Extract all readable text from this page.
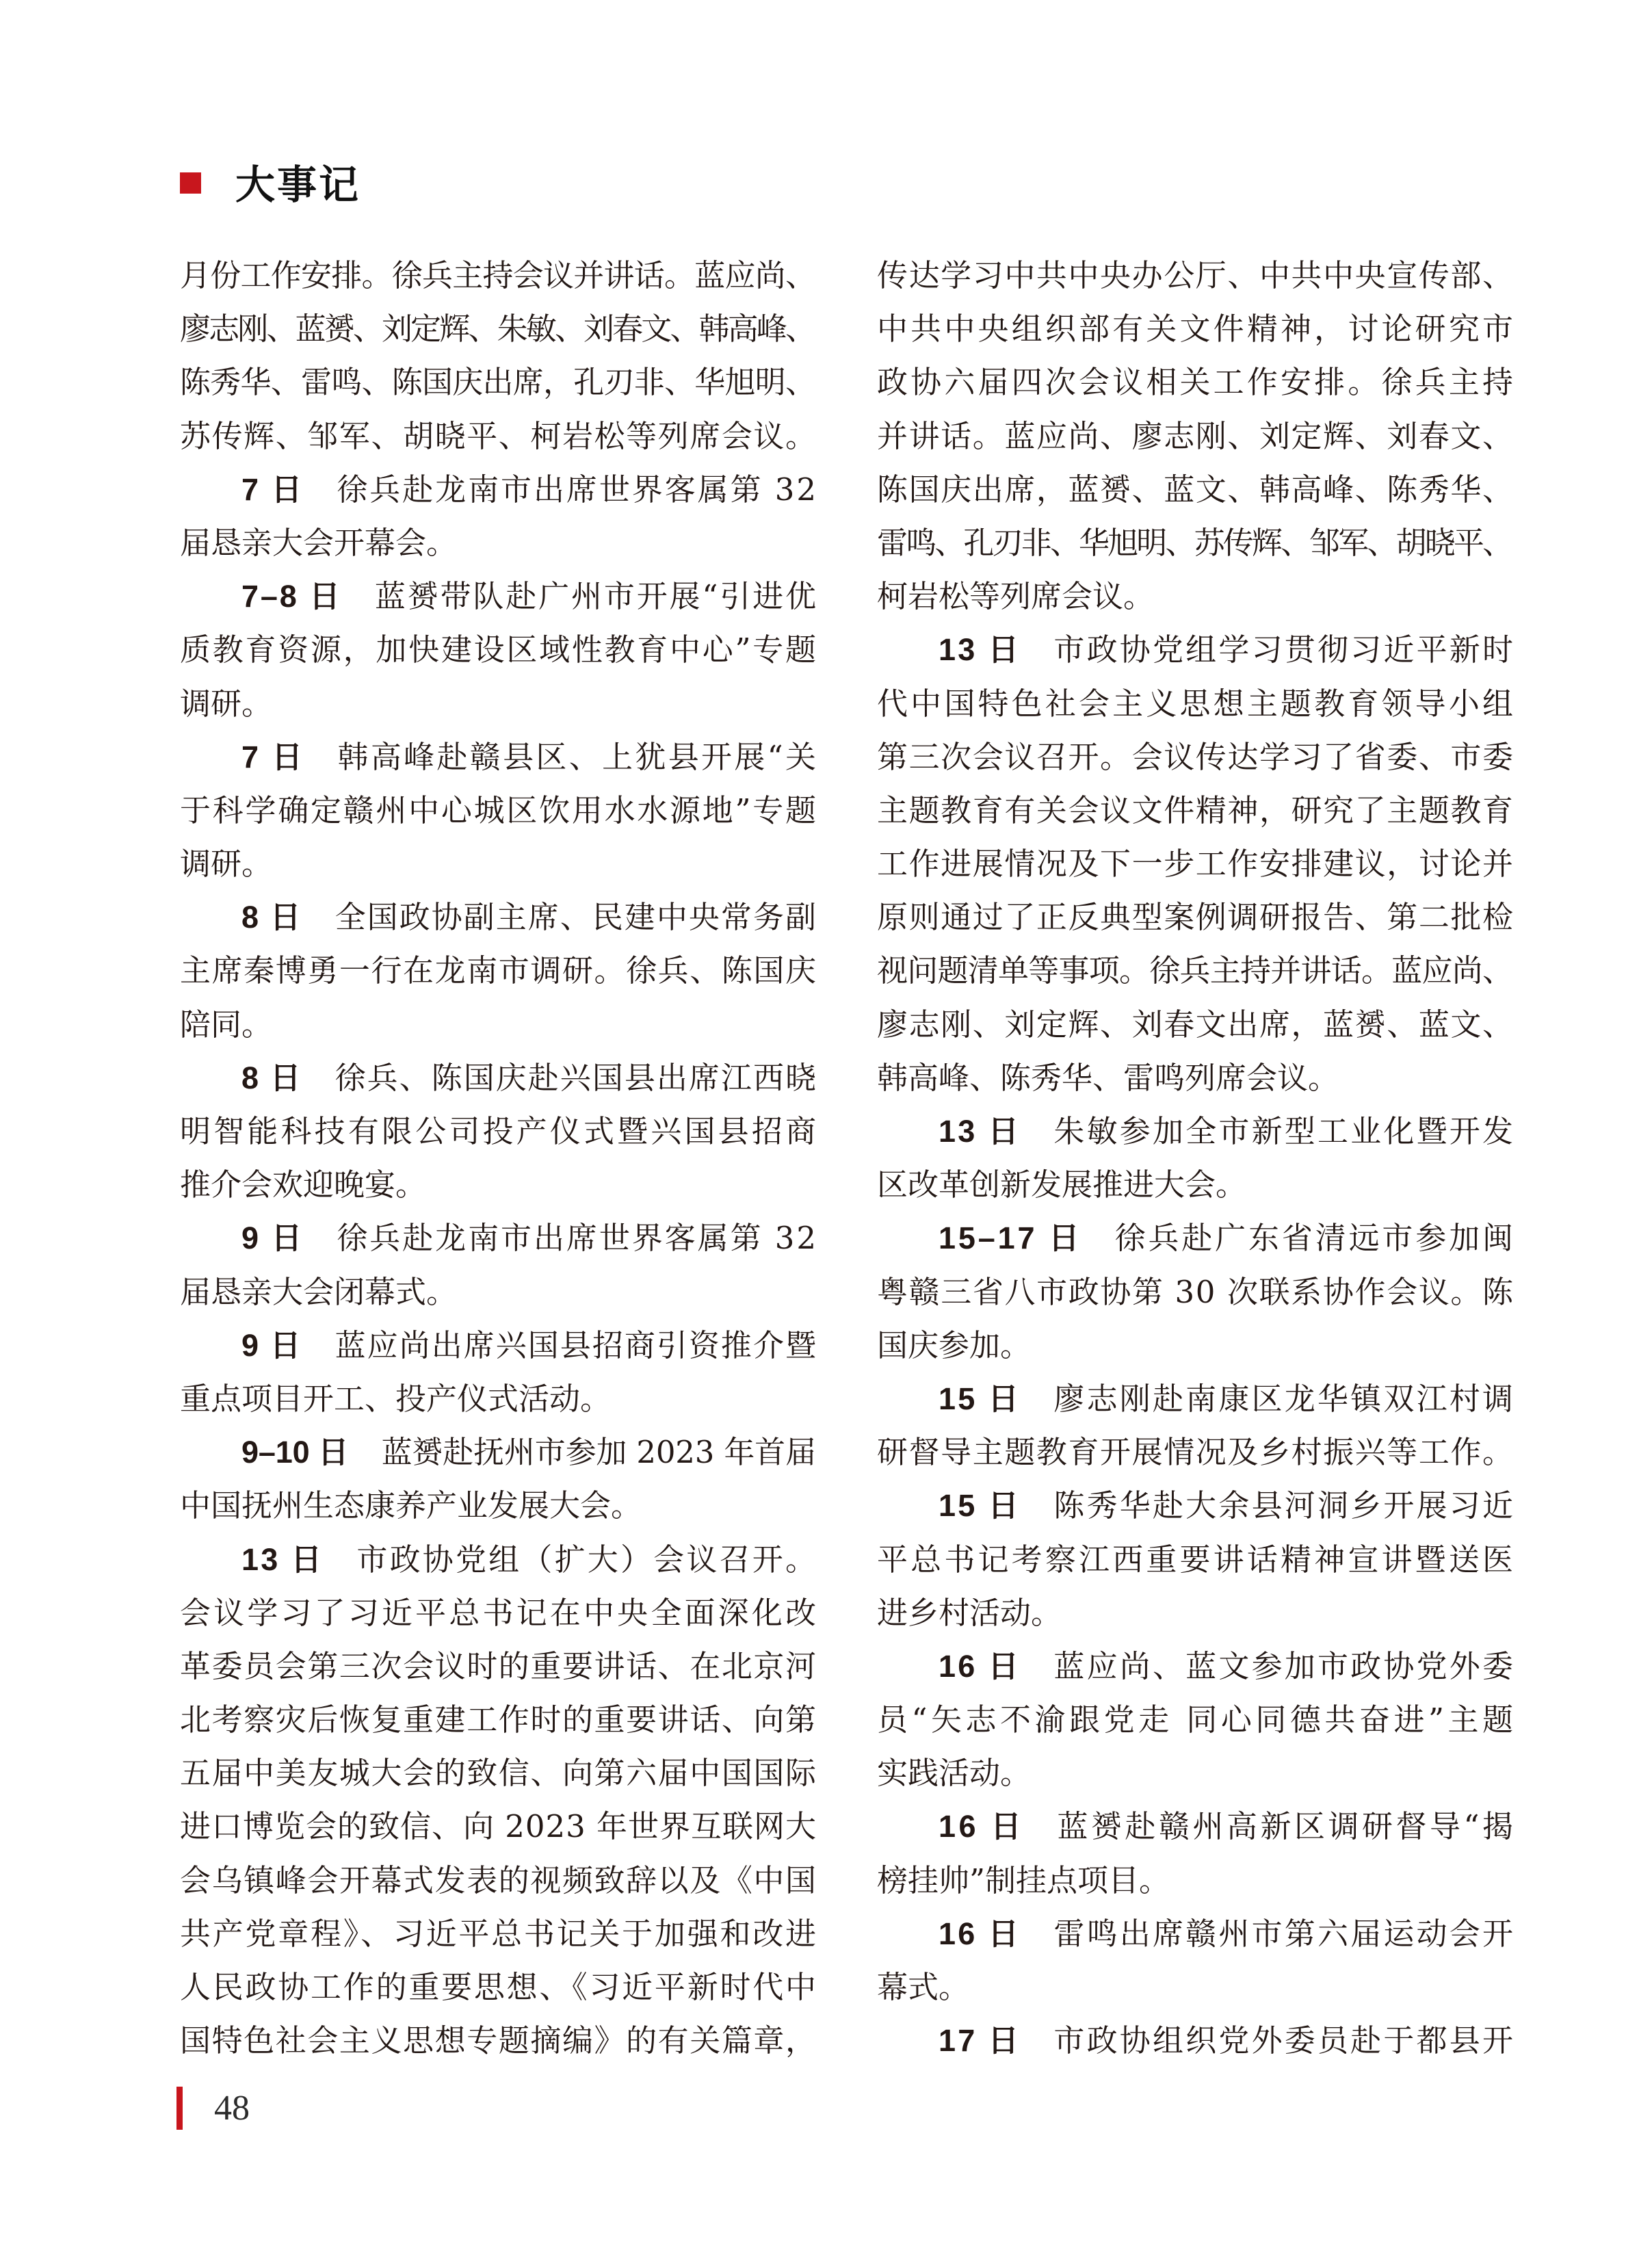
大事记
月份工作安排。徐兵主持会议并讲话。蓝应尚、
廖志刚、蓝赟、刘定辉、朱敏、刘春文、韩高峰、
陈秀华、雷鸣、陈国庆出席，孔刃非、华旭明、
苏传辉、邹军、胡晓平、柯岩松等列席会议。
7 日 徐兵赴龙南市出席世界客属第 32
届恳亲大会开幕会。
7–8 日 蓝赟带队赴广州市开展“引进优
质教育资源，加快建设区域性教育中心”专题
调研。
7 日 韩高峰赴赣县区、上犹县开展“关
于科学确定赣州中心城区饮用水水源地”专题
调研。
8 日 全国政协副主席、民建中央常务副
主席秦博勇一行在龙南市调研。徐兵、陈国庆
陪同。
8 日 徐兵、陈国庆赴兴国县出席江西晓
明智能科技有限公司投产仪式暨兴国县招商
推介会欢迎晚宴。
9 日 徐兵赴龙南市出席世界客属第 32
届恳亲大会闭幕式。
9 日 蓝应尚出席兴国县招商引资推介暨
重点项目开工、投产仪式活动。
9–10 日 蓝赟赴抚州市参加 2023 年首届
中国抚州生态康养产业发展大会。
13 日 市政协党组（扩大）会议召开。
会议学习了习近平总书记在中央全面深化改
革委员会第三次会议时的重要讲话、在北京河
北考察灾后恢复重建工作时的重要讲话、向第
五届中美友城大会的致信、向第六届中国国际
进口博览会的致信、向 2023 年世界互联网大
会乌镇峰会开幕式发表的视频致辞以及《中国
共产党章程》、习近平总书记关于加强和改进
人民政协工作的重要思想、《习近平新时代中
国特色社会主义思想专题摘编》的有关篇章，
传达学习中共中央办公厅、中共中央宣传部、
中共中央组织部有关文件精神，讨论研究市
政协六届四次会议相关工作安排。徐兵主持
并讲话。蓝应尚、廖志刚、刘定辉、刘春文、
陈国庆出席，蓝赟、蓝文、韩高峰、陈秀华、
雷鸣、孔刃非、华旭明、苏传辉、邹军、胡晓平、
柯岩松等列席会议。
13 日 市政协党组学习贯彻习近平新时
代中国特色社会主义思想主题教育领导小组
第三次会议召开。会议传达学习了省委、市委
主题教育有关会议文件精神，研究了主题教育
工作进展情况及下一步工作安排建议，讨论并
原则通过了正反典型案例调研报告、第二批检
视问题清单等事项。徐兵主持并讲话。蓝应尚、
廖志刚、刘定辉、刘春文出席，蓝赟、蓝文、
韩高峰、陈秀华、雷鸣列席会议。
13 日 朱敏参加全市新型工业化暨开发
区改革创新发展推进大会。
15–17 日 徐兵赴广东省清远市参加闽
粤赣三省八市政协第 30 次联系协作会议。陈
国庆参加。
15 日 廖志刚赴南康区龙华镇双江村调
研督导主题教育开展情况及乡村振兴等工作。
15 日 陈秀华赴大余县河洞乡开展习近
平总书记考察江西重要讲话精神宣讲暨送医
进乡村活动。
16 日 蓝应尚、蓝文参加市政协党外委
员“矢志不渝跟党走 同心同德共奋进”主题
实践活动。
16 日 蓝赟赴赣州高新区调研督导“揭
榜挂帅”制挂点项目。
16 日 雷鸣出席赣州市第六届运动会开
幕式。
17 日 市政协组织党外委员赴于都县开
48
